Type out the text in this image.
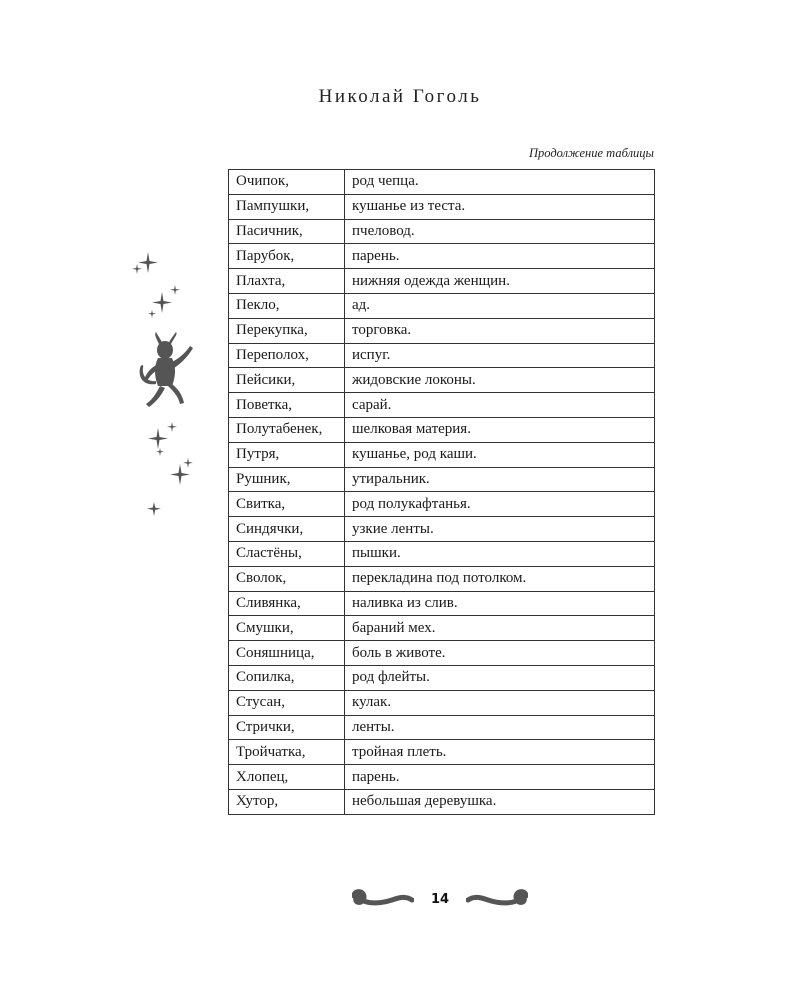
Николай Гоголь
Продолжение таблицы
Очипок,	род чепца.
Пампушки,	кушанье из теста.
Пасичник,	пчеловод.
Парубок,	парень.
Плахта,	нижняя одежда женщин.
Пекло,	ад.
Перекупка,	торговка.
Переполох,	испуг.
Пейсики,	жидовские локоны.
Поветка,	сарай.
Полутабенек,	шелковая материя.
Путря,	кушанье, род каши.
Рушник,	утиральник.
Свитка,	род полукафтанья.
Синдячки,	узкие ленты.
Сластёны,	пышки.
Сволок,	перекладина под потолком.
Сливянка,	наливка из слив.
Смушки,	бараний мех.
Соняшница,	боль в животе.
Сопилка,	род флейты.
Стусан,	кулак.
Стрички,	ленты.
Тройчатка,	тройная плеть.
Хлопец,	парень.
Хутор,	небольшая деревушка.
14
